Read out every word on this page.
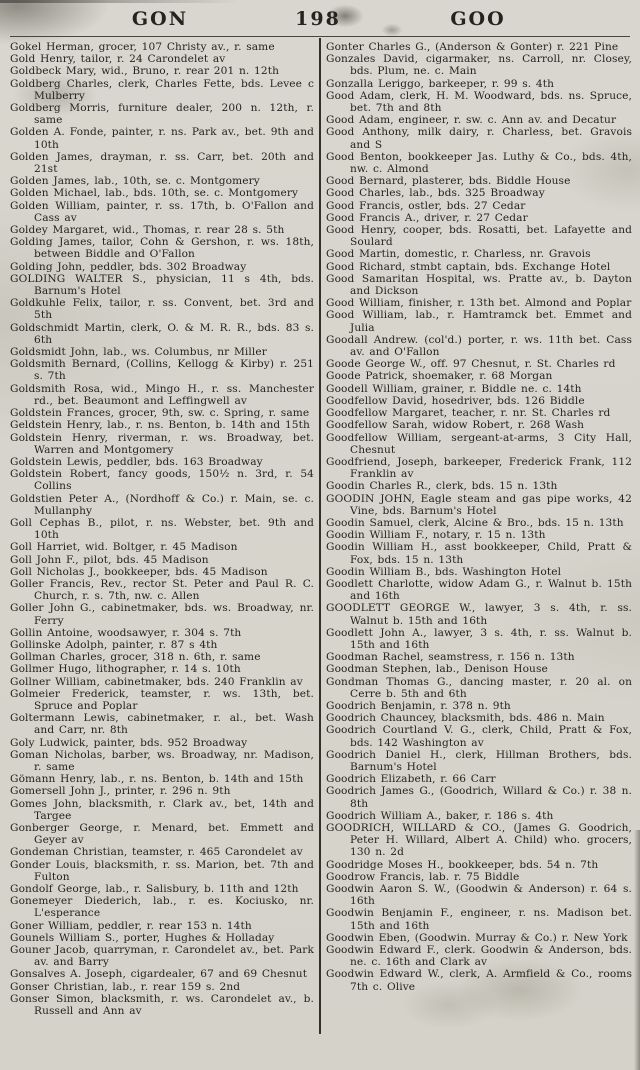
GON	198	GOO

Gokel Herman, grocer, 107 Christy av., r. same

Gold Henry, tailor, r. 24 Carondelet av

Goldbeck Mary, wid., Bruno, r. rear 201 n. 12th

Goldberg Charles, clerk, Charles Fette, bds. Levee c Mulberry

Goldberg Morris, furniture dealer, 200 n. 12th, r. same

Golden A. Fonde, painter, r. ns. Park av., bet. 9th and 10th

Golden James, drayman, r. ss. Carr, bet. 20th and 21st

Golden James, lab., 10th, se. c. Montgomery

Golden Michael, lab., bds. 10th, se. c. Montgomery

Golden William, painter, r. ss. 17th, b. O'Fallon and Cass av

Goldey Margaret, wid., Thomas, r. rear 28 s. 5th

Golding James, tailor, Cohn & Gershon, r. ws. 18th, between Biddle and O'Fallon

Golding John, peddler, bds. 302 Broadway

GOLDING WALTER S., physician, 11 s 4th, bds. Barnum's Hotel

Goldkuhle Felix, tailor, r. ss. Convent, bet. 3rd and 5th

Goldschmidt Martin, clerk, O. & M. R. R., bds. 83 s. 6th

Goldsmidt John, lab., ws. Columbus, nr Miller

Goldsmith Bernard, (Collins, Kellogg & Kirby) r. 251 s. 7th

Goldsmith Rosa, wid., Mingo H., r. ss. Manchester rd., bet. Beaumont and Leffingwell av

Goldstein Frances, grocer, 9th, sw. c. Spring, r. same

Geldstein Henry, lab., r. ns. Benton, b. 14th and 15th

Goldstein Henry, riverman, r. ws. Broadway, bet. Warren and Montgomery

Goldstein Lewis, peddler, bds. 163 Broadway

Goldstein Robert, fancy goods, 150½ n. 3rd, r. 54 Collins

Goldstien Peter A., (Nordhoff & Co.) r. Main, se. c. Mullanphy

Goll Cephas B., pilot, r. ns. Webster, bet. 9th and 10th

Goll Harriet, wid. Boltger, r. 45 Madison

Goll John F., pilot, bds. 45 Madison

Goll Nicholas J., bookkeeper, bds. 45 Madison

Goller Francis, Rev., rector St. Peter and Paul R. C. Church, r. s. 7th, nw. c. Allen

Goller John G., cabinetmaker, bds. ws. Broadway, nr. Ferry

Gollin Antoine, woodsawyer, r. 304 s. 7th

Gollinske Adolph, painter, r. 87 s 4th

Gollman Charles, grocer, 318 n. 6th, r. same

Gollmer Hugo, lithographer, r. 14 s. 10th

Gollner William, cabinetmaker, bds. 240 Franklin av

Golmeier Frederick, teamster, r. ws. 13th, bet. Spruce and Poplar

Goltermann Lewis, cabinetmaker, r. al., bet. Wash and Carr, nr. 8th

Goly Ludwick, painter, bds. 952 Broadway

Goman Nicholas, barber, ws. Broadway, nr. Madison, r. same

Gömann Henry, lab., r. ns. Benton, b. 14th and 15th

Gomersell John J., printer, r. 296 n. 9th

Gomes John, blacksmith, r. Clark av., bet, 14th and Targee

Gonberger George, r. Menard, bet. Emmett and Geyer av

Gondeman Christian, teamster, r. 465 Carondelet av

Gonder Louis, blacksmith, r. ss. Marion, bet. 7th and Fulton

Gondolf George, lab., r. Salisbury, b. 11th and 12th

Gonemeyer Diederich, lab., r. es. Kociusko, nr. L'esperance

Goner William, peddler, r. rear 153 n. 14th

Gounels William S., porter, Hughes & Holladay

Gouner Jacob, quarryman, r. Carondelet av., bet. Park av. and Barry

Gonsalves A. Joseph, cigardealer, 67 and 69 Chesnut

Gonser Christian, lab., r. rear 159 s. 2nd

Gonser Simon, blacksmith, r. ws. Carondelet av., b. Russell and Ann av

Gonter Charles G., (Anderson & Gonter) r. 221 Pine

Gonzales David, cigarmaker, ns. Carroll, nr. Closey, bds. Plum, ne. c. Main

Gonzalla Leriggo, barkeeper, r. 99 s. 4th

Good Adam, clerk, H. M. Woodward, bds. ns. Spruce, bet. 7th and 8th

Good Adam, engineer, r. sw. c. Ann av. and Decatur

Good Anthony, milk dairy, r. Charless, bet. Gravois and S

Good Benton, bookkeeper Jas. Luthy & Co., bds. 4th, nw. c. Almond

Good Bernard, plasterer, bds. Biddle House

Good Charles, lab., bds. 325 Broadway

Good Francis, ostler, bds. 27 Cedar

Good Francis A., driver, r. 27 Cedar

Good Henry, cooper, bds. Rosatti, bet. Lafayette and Soulard

Good Martin, domestic, r. Charless, nr. Gravois

Good Richard, stmbt captain, bds. Exchange Hotel

Good Samaritan Hospital, ws. Pratte av., b. Dayton and Dickson

Good William, finisher, r. 13th bet. Almond and Poplar

Good William, lab., r. Hamtramck bet. Emmet and Julia

Goodall Andrew. (col'd.) porter, r. ws. 11th bet. Cass av. and O'Fallon

Goode George W., off. 97 Chesnut, r. St. Charles rd

Goode Patrick, shoemaker, r. 68 Morgan

Goodell William, grainer, r. Biddle ne. c. 14th

Goodfellow David, hosedriver, bds. 126 Biddle

Goodfellow Margaret, teacher, r. nr. St. Charles rd

Goodfellow Sarah, widow Robert, r. 268 Wash

Goodfellow William, sergeant-at-arms, 3 City Hall, Chesnut

Goodfriend, Joseph, barkeeper, Frederick Frank, 112 Franklin av

Goodin Charles R., clerk, bds. 15 n. 13th

GOODIN JOHN, Eagle steam and gas pipe works, 42 Vine, bds. Barnum's Hotel

Goodin Samuel, clerk, Alcine & Bro., bds. 15 n. 13th

Goodin William F., notary, r. 15 n. 13th

Goodin William H., asst bookkeeper, Child, Pratt & Fox, bds. 15 n. 13th

Goodin William B., bds. Washington Hotel

Goodlett Charlotte, widow Adam G., r. Walnut b. 15th and 16th

GOODLETT GEORGE W., lawyer, 3 s. 4th, r. ss. Walnut b. 15th and 16th

Goodlett John A., lawyer, 3 s. 4th, r. ss. Walnut b. 15th and 16th

Goodman Rachel, seamstress, r. 156 n. 13th

Goodman Stephen, lab., Denison House

Gondman Thomas G., dancing master, r. 20 al. on Cerre b. 5th and 6th

Goodrich Benjamin, r. 378 n. 9th

Goodrich Chauncey, blacksmith, bds. 486 n. Main

Goodrich Courtland V. G., clerk, Child, Pratt & Fox, bds. 142 Washington av

Goodrich Daniel H., clerk, Hillman Brothers, bds. Barnum's Hotel

Goodrich Elizabeth, r. 66 Carr

Goodrich James G., (Goodrich, Willard & Co.) r. 38 n. 8th

Goodrich William A., baker, r. 186 s. 4th

GOODRICH, WILLARD & CO., (James G. Goodrich, Peter H. Willard, Albert A. Child) who. grocers, 130 n. 2d

Goodridge Moses H., bookkeeper, bds. 54 n. 7th

Goodrow Francis, lab. r. 75 Biddle

Goodwin Aaron S. W., (Goodwin & Anderson) r. 64 s. 16th

Goodwin Benjamin F., engineer, r. ns. Madison bet. 15th and 16th

Goodwin Eben, (Goodwin. Murray & Co.) r. New York

Goodwin Edward F., clerk. Goodwin & Anderson, bds. ne. c. 16th and Clark av

Goodwin Edward W., clerk, A. Armfield & Co., rooms 7th c. Olive
